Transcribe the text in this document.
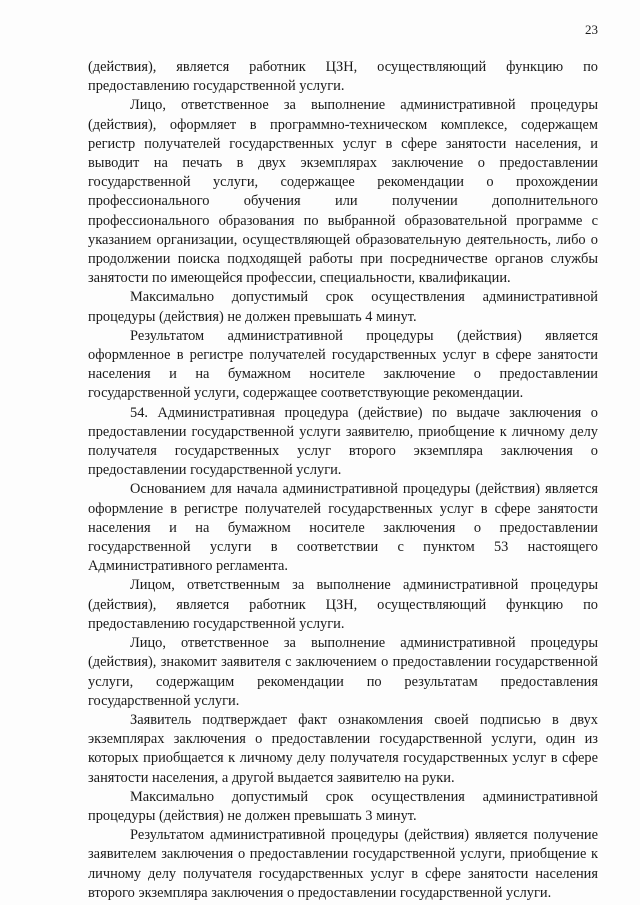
23

(действия), является работник ЦЗН, осуществляющий функцию по предоставлению государственной услуги.

Лицо, ответственное за выполнение административной процедуры (действия), оформляет в программно-техническом комплексе, содержащем регистр получателей государственных услуг в сфере занятости населения, и выводит на печать в двух экземплярах заключение о предоставлении государственной услуги, содержащее рекомендации о прохождении профессионального обучения или получении дополнительного профессионального образования по выбранной образовательной программе с указанием организации, осуществляющей образовательную деятельность, либо о продолжении поиска подходящей работы при посредничестве органов службы занятости по имеющейся профессии, специальности, квалификации.

Максимально допустимый срок осуществления административной процедуры (действия) не должен превышать 4 минут.

Результатом административной процедуры (действия) является оформленное в регистре получателей государственных услуг в сфере занятости населения и на бумажном носителе заключение о предоставлении государственной услуги, содержащее соответствующие рекомендации.

54. Административная процедура (действие) по выдаче заключения о предоставлении государственной услуги заявителю, приобщение к личному делу получателя государственных услуг второго экземпляра заключения о предоставлении государственной услуги.

Основанием для начала административной процедуры (действия) является оформление в регистре получателей государственных услуг в сфере занятости населения и на бумажном носителе заключения о предоставлении государственной услуги в соответствии с пунктом 53 настоящего Административного регламента.

Лицом, ответственным за выполнение административной процедуры (действия), является работник ЦЗН, осуществляющий функцию по предоставлению государственной услуги.

Лицо, ответственное за выполнение административной процедуры (действия), знакомит заявителя с заключением о предоставлении государственной услуги, содержащим рекомендации по результатам предоставления государственной услуги.

Заявитель подтверждает факт ознакомления своей подписью в двух экземплярах заключения о предоставлении государственной услуги, один из которых приобщается к личному делу получателя государственных услуг в сфере занятости населения, а другой выдается заявителю на руки.

Максимально допустимый срок осуществления административной процедуры (действия) не должен превышать 3 минут.

Результатом административной процедуры (действия) является получение заявителем заключения о предоставлении государственной услуги, приобщение к личному делу получателя государственных услуг в сфере занятости населения второго экземпляра заключения о предоставлении государственной услуги.
